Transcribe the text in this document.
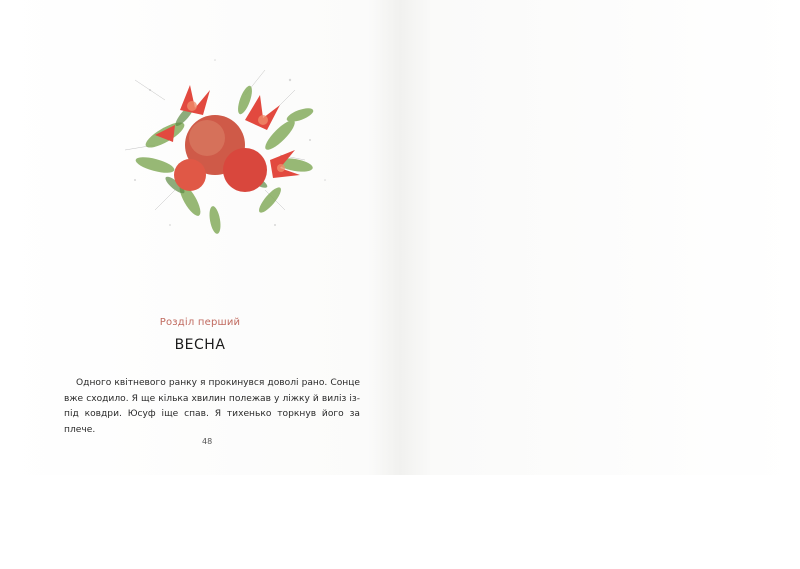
Розділ перший
ВЕСНА

Одного квітневого ранку я прокинувся доволі рано. Сонце вже сходило. Я ще кілька хвилин полежав у ліжку й виліз із-під ковдри. Юсуф іще спав. Я тихенько торкнув його за плече.

48
